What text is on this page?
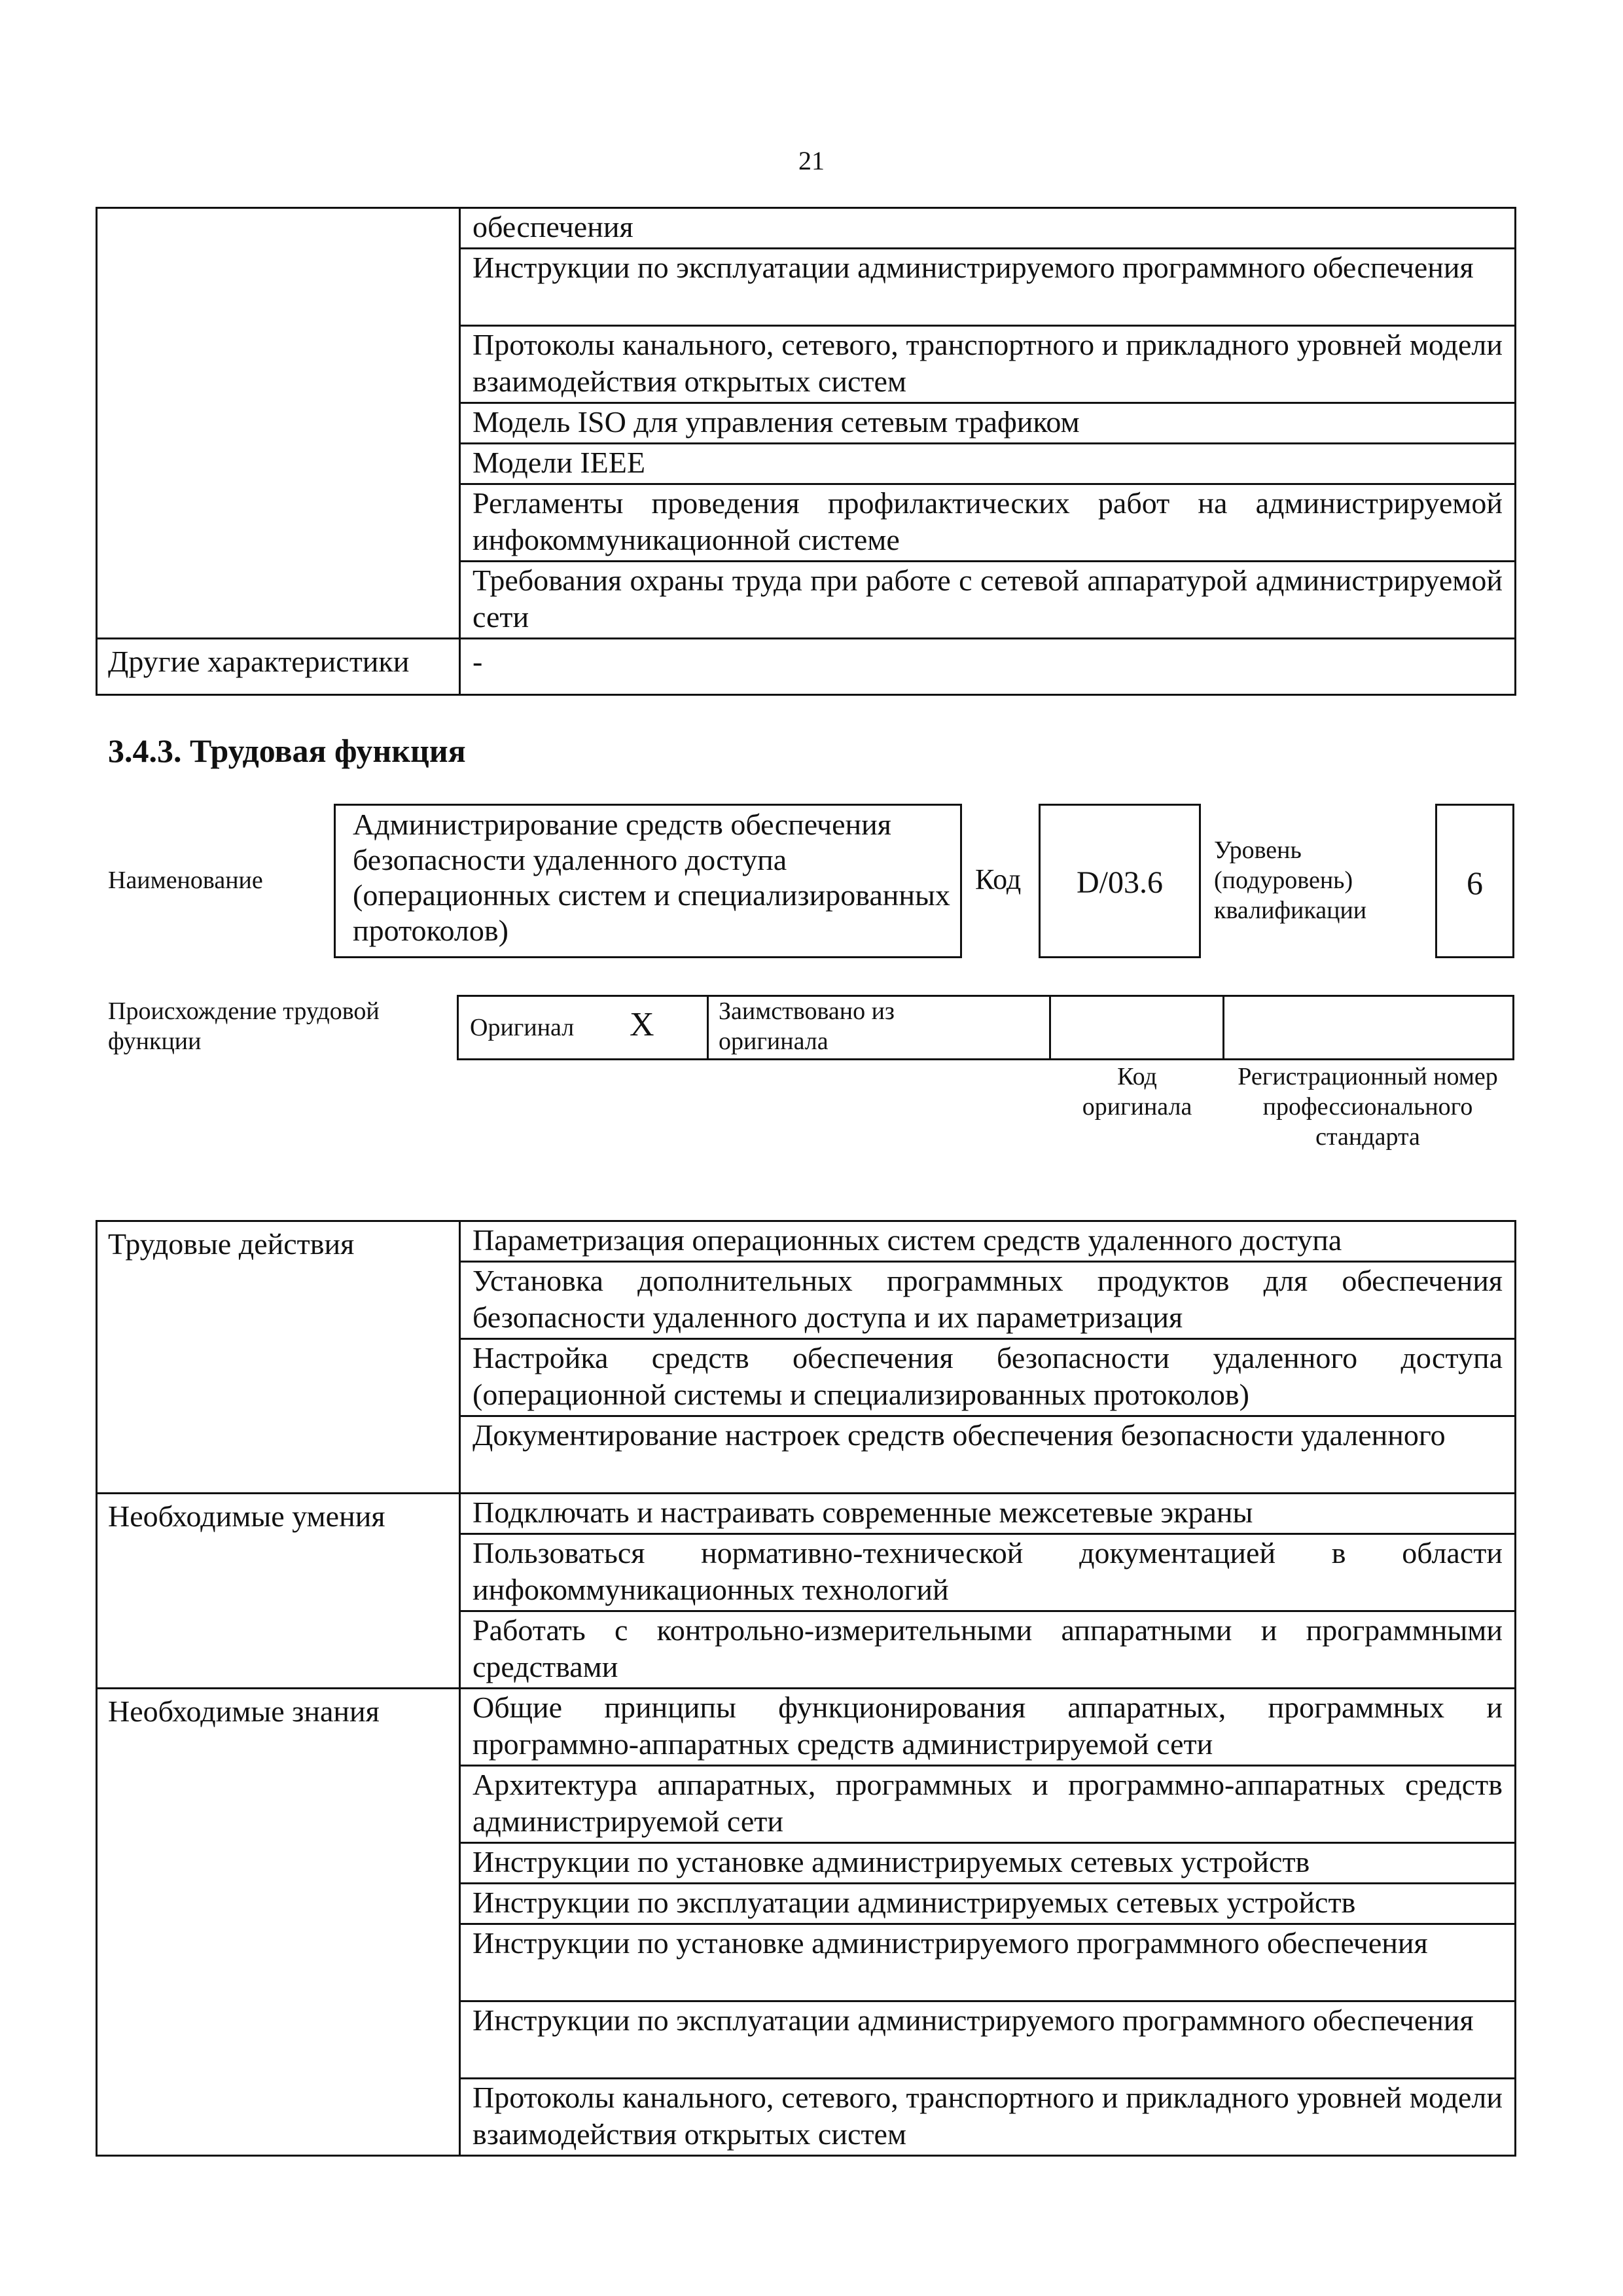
21
	обеспечения
	Инструкции по эксплуатации администрируемого программного обеспечения
	Протоколы канального, сетевого, транспортного и прикладного уровней модели взаимодействия открытых систем
	Модель ISO для управления сетевым трафиком
	Модели IEEE
	Регламенты проведения профилактических работ на администрируемой инфокоммуникационной системе
	Требования охраны труда при работе с сетевой аппаратурой администрируемой сети
Другие характеристики	-
3.4.3. Трудовая функция
Наименование
Администрирование средств обеспечения безопасности удаленного доступа (операционных систем и специализированных протоколов)
Код	D/03.6
Уровень (подуровень) квалификации
6
Происхождение трудовой функции	Оригинал X	Заимствовано из оригинала
Код оригинала
Регистрационный номер профессионального стандарта
Трудовые действия	Параметризация операционных систем средств удаленного доступа
	Установка дополнительных программных продуктов для обеспечения безопасности удаленного доступа и их параметризация
	Настройка средств обеспечения безопасности удаленного доступа (операционной системы и специализированных протоколов)
	Документирование настроек средств обеспечения безопасности удаленного
Необходимые умения	Подключать и настраивать современные межсетевые экраны
	Пользоваться нормативно-технической документацией в области инфокоммуникационных технологий
	Работать с контрольно-измерительными аппаратными и программными средствами
Необходимые знания	Общие принципы функционирования аппаратных, программных и программно-аппаратных средств администрируемой сети
	Архитектура аппаратных, программных и программно-аппаратных средств администрируемой сети
	Инструкции по установке администрируемых сетевых устройств
	Инструкции по эксплуатации администрируемых сетевых устройств
	Инструкции по установке администрируемого программного обеспечения
	Инструкции по эксплуатации администрируемого программного обеспечения
	Протоколы канального, сетевого, транспортного и прикладного уровней модели взаимодействия открытых систем
